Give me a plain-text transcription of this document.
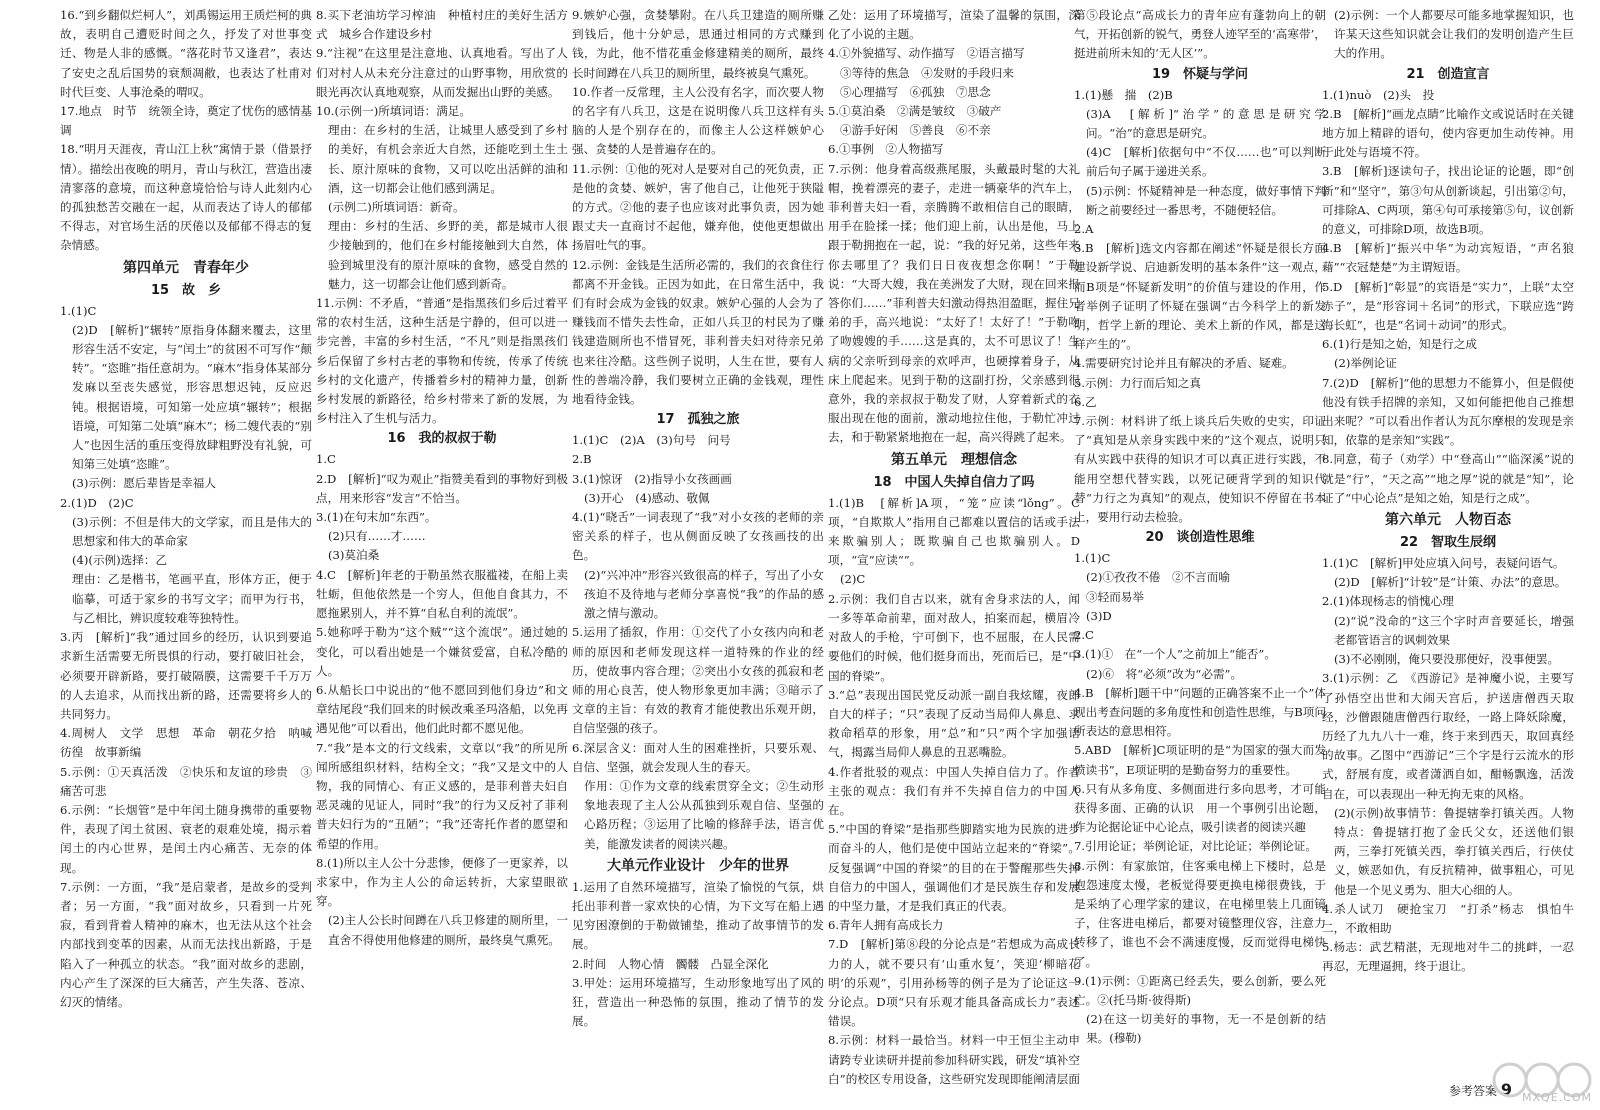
16.“到乡翻似烂柯人”，刘禹锡运用王质烂柯的典故，表明自己遭贬时间之久，抒发了对世事变迁、物是人非的感慨。“落花时节又逢君”，表达了安史之乱后国势的衰颓凋敝，也表达了杜甫对时代巨变、人事沧桑的喟叹。

17.地点　时节　统领全诗，奠定了忧伤的感情基调

18.“明月天涯夜，青山江上秋”寓情于景（借景抒情）。描绘出夜晚的明月，青山与秋江，营造出凄清寥落的意境，而这种意境恰恰与诗人此刻内心的孤独愁苦交融在一起，从而表达了诗人的郁郁不得志，对官场生活的厌倦以及郁郁不得志的复杂情感。

第四单元　青春年少

15　故　乡

1.(1)C

(2)D　[解析]“辗转”原指身体翻来覆去，这里形容生活不安定，与“闰土”的贫困不可写作“颠转”。“恣睢”指任意胡为。“麻木”指身体某部分发麻以至丧失感觉，形容思想迟钝，反应迟钝。根据语境，可知第一处应填“辗转”；根据语境，可知第二处填“麻木”；杨二嫂代表的“别人”也因生活的重压变得放肆粗野没有礼貌，可知第三处填“恣睢”。

(3)示例：愿后辈皆是幸福人

2.(1)D　(2)C

(3)示例：不但是伟大的文学家，而且是伟大的思想家和伟大的革命家

(4)(示例)选择：乙

理由：乙是楷书，笔画平直，形体方正，便于临摹，可适于家乡的书写文字；而甲为行书，与乙相比，辨识度较难等独特性。

3.丙　[解析]“我”通过回乡的经历，认识到要追求新生活需要无所畏惧的行动，要打破旧社会，必须要开辟新路，要打破隔膜，这需要千千万万的人去追求，从而找出新的路，还需要将乡人的共同努力。

4.周树人　文学　思想　革命　朝花夕拾　呐喊　彷徨　故事新编

5.示例：①天真活泼　②快乐和友谊的珍贵　③痛苦可悲

6.示例：“长烟管”是中年闰土随身携带的重要物件，表现了闰土贫困、衰老的艰难处境，揭示着闰土的内心世界，是闰土内心痛苦、无奈的体现。

7.示例：一方面，“我”是启蒙者，是故乡的受判者；另一方面，“我”面对故乡，只看到一片死寂，看到背着人精神的麻木，也无法从这个社会内部找到变革的因素，从而无法找出新路，于是陷入了一种孤立的状态。“我”面对故乡的悲剧，内心产生了深深的巨大痛苦，产生失落、苍凉、幻灭的情绪。

8.买下老油坊学习榨油　种植村庄的美好生活方式　城乡合作建设乡村

9.“注视”在这里是注意地、认真地看。写出了人们对村人从未充分注意过的山野事物，用欣赏的眼光再次认真地观察，从而发掘出山野的美感。

10.(示例一)所填词语：满足。

理由：在乡村的生活，让城里人感受到了乡村的美好，有机会亲近大自然，还能吃到土生土长、原汁原味的食物，又可以吃出活鲜的油和酒，这一切都会让他们感到满足。

(示例二)所填词语：新奇。

理由：乡村的生活、乡野的美，都是城市人很少接触到的，他们在乡村能接触到大自然，体验到城里没有的原汁原味的食物，感受自然的魅力，这一切都会让他们感到新奇。

11.示例：不矛盾，“普通”是指黑孩们乡后过着平常的农村生活，这种生活是宁静的，但可以进一步完善，丰富的乡村生活，“不凡”则是指黑孩们乡后保留了乡村古老的事物和传统，传承了传统乡村的文化遗产，传播着乡村的精神力量，创新乡村发展的新路径，给乡村带来了新的发展，为乡村注入了生机与活力。

16　我的叔叔于勒

1.C

2.D　[解析]“叹为观止”指赞美看到的事物好到极点，用来形容“发言”不恰当。

3.(1)在句末加“东西”。

(2)只有……才……

(3)莫泊桑

4.C　[解析]年老的于勒虽然衣服褴褛，在船上卖牡蛎，但他依然是一个穷人，但他自食其力，不愿拖累别人，并不算“自私自利的流氓”。

5.她称呼于勒为“这个贼”“这个流氓”。通过她的变化，可以看出她是一个嫌贫爱富，自私冷酷的人。

6.从船长口中说出的“他不愿回到他们身边”和文章结尾段“我们回来的时候改乘圣玛洛船，以免再遇见他”可以看出，他们此时都不愿见他。

7.“我”是本文的行文线索，文章以“我”的所见所闻所感组织材料，结构全文；“我”又是文中的人物，我的同情心、有正义感的，是菲利普夫妇自恶灵魂的见证人，同时“我”的行为又反衬了菲利普夫妇行为的“丑陋”；“我”还寄托作者的愿望和希望的作用。

8.(1)所以主人公十分悲惨，便修了一更家养，以求家中，作为主人公的命运转折，大家望眼欲穿。

(2)主人公长时间蹲在八兵卫修建的厕所里，一直舍不得使用他修建的厕所，最终臭气熏死。

9.嫉妒心强，贪婪攀附。在八兵卫建造的厕所赚到钱后，他十分妒忌，思通过相同的方式赚到钱，为此，他不惜花重金修建精美的厕所，最终长时间蹲在八兵卫的厕所里，最终被臭气熏死。

10.作者一反常理，主人公没有名字，而次要人物的名字有八兵卫，这是在说明像八兵卫这样有头脑的人是个别存在的，而像主人公这样嫉妒心强、贪婪的人是普遍存在的。

11.示例：①他的死对人是要对自己的死负责，正是他的贪婪、嫉妒，害了他自己，让他死于狭隘的方式。②他的妻子也应该对此事负责，因为她跟丈夫一直商讨不起他，嫌弃他，使他更想做出扬眉吐气的事。

12.示例：金钱是生活所必需的，我们的衣食住行都离不开金钱。正因为如此，在日常生活中，我们有时会成为金钱的奴隶。嫉妒心强的人会为了赚钱而不惜失去性命，正如八兵卫的村民为了赚钱建造厕所也不惜冒死，菲利普夫妇对待亲兄弟也来往冷酷。这些例子说明，人生在世，要有人性的善端冷静，我们要树立正确的金钱观，理性地看待金钱。

17　孤独之旅

1.(1)C　(2)A　(3)句号　问号

2.B

3.(1)惊讶　(2)指导小女孩画画

(3)开心　(4)感动、敬佩

4.(1)“晓舌”一词表现了“我”对小女孩的老师的亲密关系的样子，也从侧面反映了女孩画技的出色。

(2)“兴冲冲”形容兴致很高的样子，写出了小女孩迫不及待地与老师分享喜悦“我”的作品的感激之情与激动。

5.运用了插叙，作用：①交代了小女孩内向和老师的原因和老师发现这样一道特殊的作业的经历，使故事内容合理；②突出小女孩的孤寂和老师的用心良苦，使人物形象更加丰满；③暗示了文章的主旨：有效的教育才能使教出乐观开朗，自信坚强的孩子。

6.深层含义：面对人生的困难挫折，只要乐观、自信、坚强，就会发现人生的春天。

作用：①作为文章的线索贯穿全文；②生动形象地表现了主人公从孤独到乐观自信、坚强的心路历程；③运用了比喻的修辞手法，语言优美，能激发读者的阅读兴趣。

大单元作业设计　少年的世界

1.运用了自然环境描写，渲染了愉悦的气氛，烘托出菲利普一家欢快的心情，为下文写在船上遇见穷困潦倒的于勒做铺垫，推动了故事情节的发展。

2.时间　人物心情　髑髅　凸显全深化

3.甲处：运用环境描写，生动形象地写出了风的狂，营造出一种恐怖的氛围，推动了情节的发展。

乙处：运用了环境描写，渲染了温馨的氛围，深化了小说的主题。

4.①外貌描写、动作描写　②语言描写

③等待的焦急　④发财的手段归来

⑤心理描写　⑥孤独　⑦思念

5.①莫泊桑　②满是皱纹　③破产

④游手好闲　⑤善良　⑥不亲

6.①事例　②人物描写

7.示例：他身着高级燕尾服，头戴最时髦的大礼帽，挽着漂亮的妻子，走进一辆豪华的汽车上，菲利普夫妇一看，亲腾腾不敢相信自己的眼睛，用手在脸揉一揉；他们迎上前，认出是他，马上跟于勒拥抱在一起，说：“我的好兄弟，这些年来你去哪里了？我们日日夜夜想念你啊！”于勒说：“大哥大嫂，我在美洲发了大财，现在回来报答你们……”菲利普夫妇激动得热泪盈眶，握住兄弟的手，高兴地说：“太好了！太好了！”于勒吻了吻嫂嫂的手……这是真的，太不可思议了！生病的父亲听到母亲的欢呼声，也硬撑着身子，从床上爬起来。见到于勒的这副打扮，父亲感到很意外，我的亲叔叔于勒发了财，人穿着新式的衣服出现在他的面前，激动地拉住他，于勒忙冲过去，和于勒紧紧地抱在一起，高兴得跳了起来。

第五单元　理想信念

18　中国人失掉自信力了吗

1.(1)B　[解析]A项，“笼”应读“lǒng”。C项，“自欺欺人”指用自己都难以置信的话或手法来欺骗别人；既欺骗自己也欺骗别人。D项，“宣”应读“”。

(2)C

2.示例：我们自古以来，就有舍身求法的人，闻一多等革命前辈，面对敌人，拍案而起，横眉冷对敌人的手枪，宁可倒下，也不屈服，在人民需要他们的时候，他们挺身而出，死而后已，是“中国的脊梁”。

3.“总”表现出国民党反动派一副自我炫耀，夜郎自大的样子；“只”表现了反动当局仰人鼻息、求救命稻草的形象，用“总”和“只”两个字加强语气，揭露当局仰人鼻息的丑恶嘴脸。

4.作者批驳的观点：中国人失掉自信力了。作者主张的观点：我们有并不失掉自信力的中国人在。

5.“中国的脊梁”是指那些脚踏实地为民族的进步而奋斗的人，他们是使中国站立起来的“脊梁”。反复强调“中国的脊梁”的目的在于警醒那些失掉自信力的中国人，强调他们才是民族生存和发展的中坚力量，才是我们真正的代表。

6.青年人拥有高成长力

7.D　[解析]第⑧段的分论点是“若想成为高成长力的人，就不要只有‘山重水复’，笑迎‘柳暗花明’的乐观”，引用孙杨等的例子是为了论证这一分论点。D项“只有乐观才能具备高成长力”表述错误。

8.示例：材料一最恰当。材料一中王恒尘主动申请跨专业读研并提前参加科研实践，研发“填补空白”的校区专用设备，这些研究发现即能阐清层面

第⑤段论点“高成长力的青年应有蓬勃向上的朝气，开拓创新的锐气，勇登人迹罕至的‘高寒带’，挺进前所未知的‘无人区’”。

19　怀疑与学问

1.(1)懸　揣　(2)B

(3)A　[解析]“治学”的意思是研究学问。“治”的意思是研究。

(4)C　[解析]依据句中“不仅……也”可以判断前后句子属于递进关系。

(5)示例：怀疑精神是一种态度，做好事情下判断之前要经过一番思考，不随便轻信。

2.A

3.B　[解析]选文内容都在阐述“怀疑是很长方面建设新学说、启迪新发明的基本条件”这一观点，而B项是“怀疑新发明”的价值与建设的作用，作者举例子证明了怀疑在强调“古今科学上的新发明，哲学上新的理论、美术上新的作风，都是这样产生的”。

4.需要研究讨论并且有解决的矛盾、疑难。

5.示例：力行而后知之真

6.乙

7.示例：材料讲了纸上谈兵后失败的史实，印证了“真知是从亲身实践中来的”这个观点，说明只有从实践中获得的知识才可以真正进行实践，不能用空想代替实践，以死记硬背学到的知识代替“力行之为真知”的观点，使知识不停留在书本上，要用行动去检验。

20　谈创造性思维

1.(1)C

(2)①孜孜不倦　②不言而喻

③轻而易举

(3)D

2.C

3.(1)①　在“一个人”之前加上“能否”。

(2)⑥　将“必须”改为“必需”。

4.B　[解析]题干中“问题的正确答案不止一个”体现出考查问题的多角度性和创造性思维，与B项问所表达的意思相符。

5.ABD　[解析]C项证明的是“为国家的强大而发愤读书”，E项证明的是勤奋努力的重要性。

6.只有从多角度、多侧面进行多向思考，才可能获得多面、正确的认识　用一个事例引出论题，作为论据论证中心论点，吸引读者的阅读兴趣

7.引用论证；举例论证，对比论证；举例论证。

8.示例：有家旅馆，住客乘电梯上下楼时，总是抱怨速度太慢，老板觉得要更换电梯很费钱，于是采纳了心理学家的建议，在电梯里装上几面镜子，住客进电梯后，都要对镜整理仪容，注意力转移了，谁也不会不满速度慢，反而觉得电梯快了。

9.(1)示例：①距离已经丢失，要么创新，要么死亡。②(托马斯·彼得斯)

(2)在这一切美好的事物，无一不是创新的结果。(穆勒)

(2)示例：一个人都要尽可能多地掌握知识，也许某天这些知识就会让我们的发明创造产生巨大的作用。

21　创造宣言

1.(1)nuò　(2)头　投

2.B　[解析]“画龙点睛”比喻作文或说话时在关键地方加上精辟的语句，使内容更加生动传神。用于此处与语境不符。

3.B　[解析]逐读句子，找出论证的论题，即“创新”和“坚守”，第③句从创新谈起，引出第②句，可排除A、C两项，第④句可承接第⑤句，议创新的意义，可排除D项，故选B项。

4.B　[解析]“振兴中华”为动宾短语，“声名狼藉”“衣冠楚楚”为主谓短语。

5.D　[解析]“彰显”的宾语是“实力”，上联“太空赤子”，是“形容词＋名词”的形式，下联应选“跨海长虹”，也是“名词＋动词”的形式。

6.(1)行是知之始，知是行之成

(2)举例论证

7.(2)D　[解析]“他的思想力不能算小，但是假使他没有铁手招牌的亲知，又如何能把他自己推想出来呢？”可以看出作者认为瓦尔摩根的发现是亲知，依靠的是亲知“实践”。

8.同意，荀子（劝学）中“登高山”“临深溪”说的就是“行”，“天之高”“地之厚”说的就是“知”，论证了“中心论点”是知之始，知是行之成”。

第六单元　人物百态

22　智取生辰纲

1.(1)C　[解析]甲处应填入问号，表疑问语气。

(2)D　[解析]“计较”是“计策、办法”的意思。

2.(1)体现杨志的悄愧心理

(2)“说”没命的“这三个字时声音要延长，增强老都管语言的讽刺效果

(3)不必刚刚，俺只要没那便好，没事便罢。

3.(1)示例：乙　《西游记》是神魔小说，主要写了孙悟空出世和大闹天宫后，护送唐僧西天取经，沙僧跟随唐僧西行取经，一路上降妖除魔，历经了九九八十一难，终于来到西天，取回真经的故事。乙图中“西游记”三个字是行云流水的形式，舒展有度，或者潇洒自如，酣畅飘逸，活泼自在，可以表现出一种无拘无束的风格。

(2)(示例)故事情节：鲁提辖拳打镇关西。人物特点：鲁提辖打抱了金氏父女，还送他们银两，三拳打死镇关西，拳打镇关西后，行侠仗义，嫉恶如仇，有反抗精神，做事粗心，可见他是一个见义勇为、胆大心细的人。

4.杀人试刀　硬抢宝刀　“打杀”杨志　惧怕牛二，不敢相助

5.杨志：武艺精湛，无现地对牛二的挑衅，一忍再忍，无理逼拥，终于退让。

参考答案 9 MXQE.COM
